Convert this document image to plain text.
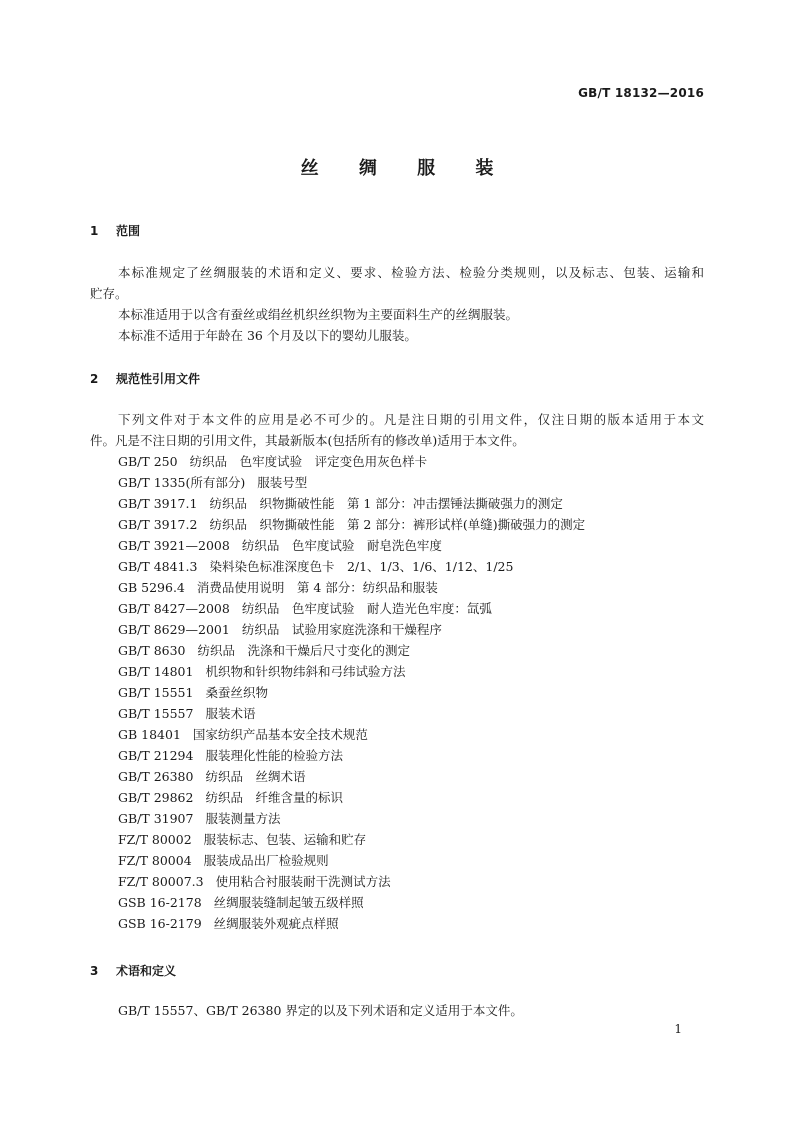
GB/T 18132—2016
丝 绸 服 装
1 范围
本标准规定了丝绸服装的术语和定义、要求、检验方法、检验分类规则，以及标志、包装、运输和
贮存。
本标准适用于以含有蚕丝或绢丝机织丝织物为主要面料生产的丝绸服装。
本标准不适用于年龄在 36 个月及以下的婴幼儿服装。
2 规范性引用文件
下列文件对于本文件的应用是必不可少的。凡是注日期的引用文件，仅注日期的版本适用于本文
件。凡是不注日期的引用文件，其最新版本(包括所有的修改单)适用于本文件。
GB/T 250 纺织品　色牢度试验　评定变色用灰色样卡
GB/T 1335(所有部分) 服装号型
GB/T 3917.1 纺织品　织物撕破性能　第 1 部分：冲击摆锤法撕破强力的测定
GB/T 3917.2 纺织品　织物撕破性能　第 2 部分：裤形试样(单缝)撕破强力的测定
GB/T 3921—2008 纺织品　色牢度试验　耐皂洗色牢度
GB/T 4841.3 染料染色标准深度色卡　2/1、1/3、1/6、1/12、1/25
GB 5296.4 消费品使用说明　第 4 部分：纺织品和服装
GB/T 8427—2008 纺织品　色牢度试验　耐人造光色牢度：氙弧
GB/T 8629—2001 纺织品　试验用家庭洗涤和干燥程序
GB/T 8630 纺织品　洗涤和干燥后尺寸变化的测定
GB/T 14801 机织物和针织物纬斜和弓纬试验方法
GB/T 15551 桑蚕丝织物
GB/T 15557 服装术语
GB 18401 国家纺织产品基本安全技术规范
GB/T 21294 服装理化性能的检验方法
GB/T 26380 纺织品　丝绸术语
GB/T 29862 纺织品　纤维含量的标识
GB/T 31907 服装测量方法
FZ/T 80002 服装标志、包装、运输和贮存
FZ/T 80004 服装成品出厂检验规则
FZ/T 80007.3 使用粘合衬服装耐干洗测试方法
GSB 16-2178 丝绸服装缝制起皱五级样照
GSB 16-2179 丝绸服装外观疵点样照
3 术语和定义
GB/T 15557、GB/T 26380 界定的以及下列术语和定义适用于本文件。
1
